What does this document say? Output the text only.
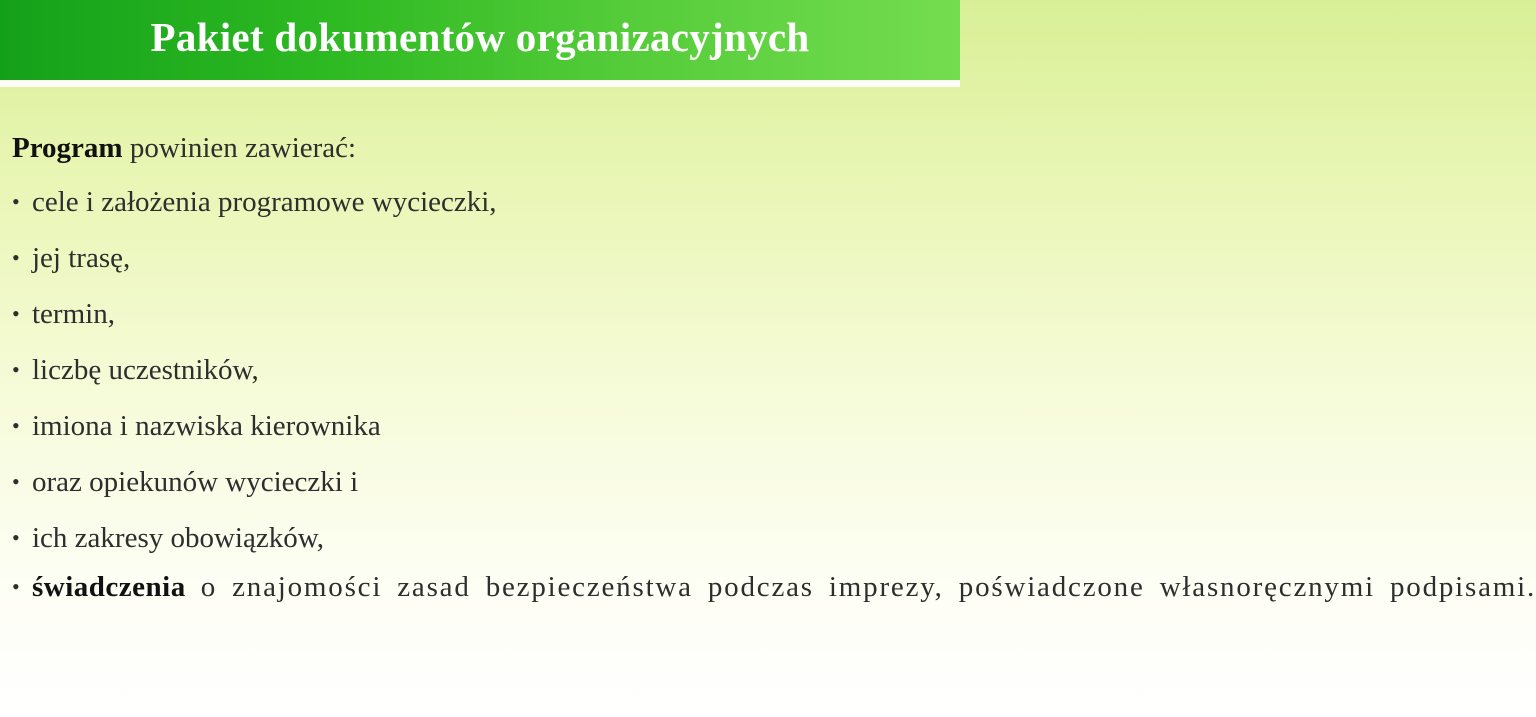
Pakiet dokumentów organizacyjnych

Program powinien zawierać:

• cele i założenia programowe wycieczki,
• jej trasę,
• termin,
• liczbę uczestników,
• imiona i nazwiska kierownika
• oraz opiekunów wycieczki i
• ich zakresy obowiązków,
• świadczenia o znajomości zasad bezpieczeństwa podczas imprezy, poświadczone własnoręcznymi podpisami.
